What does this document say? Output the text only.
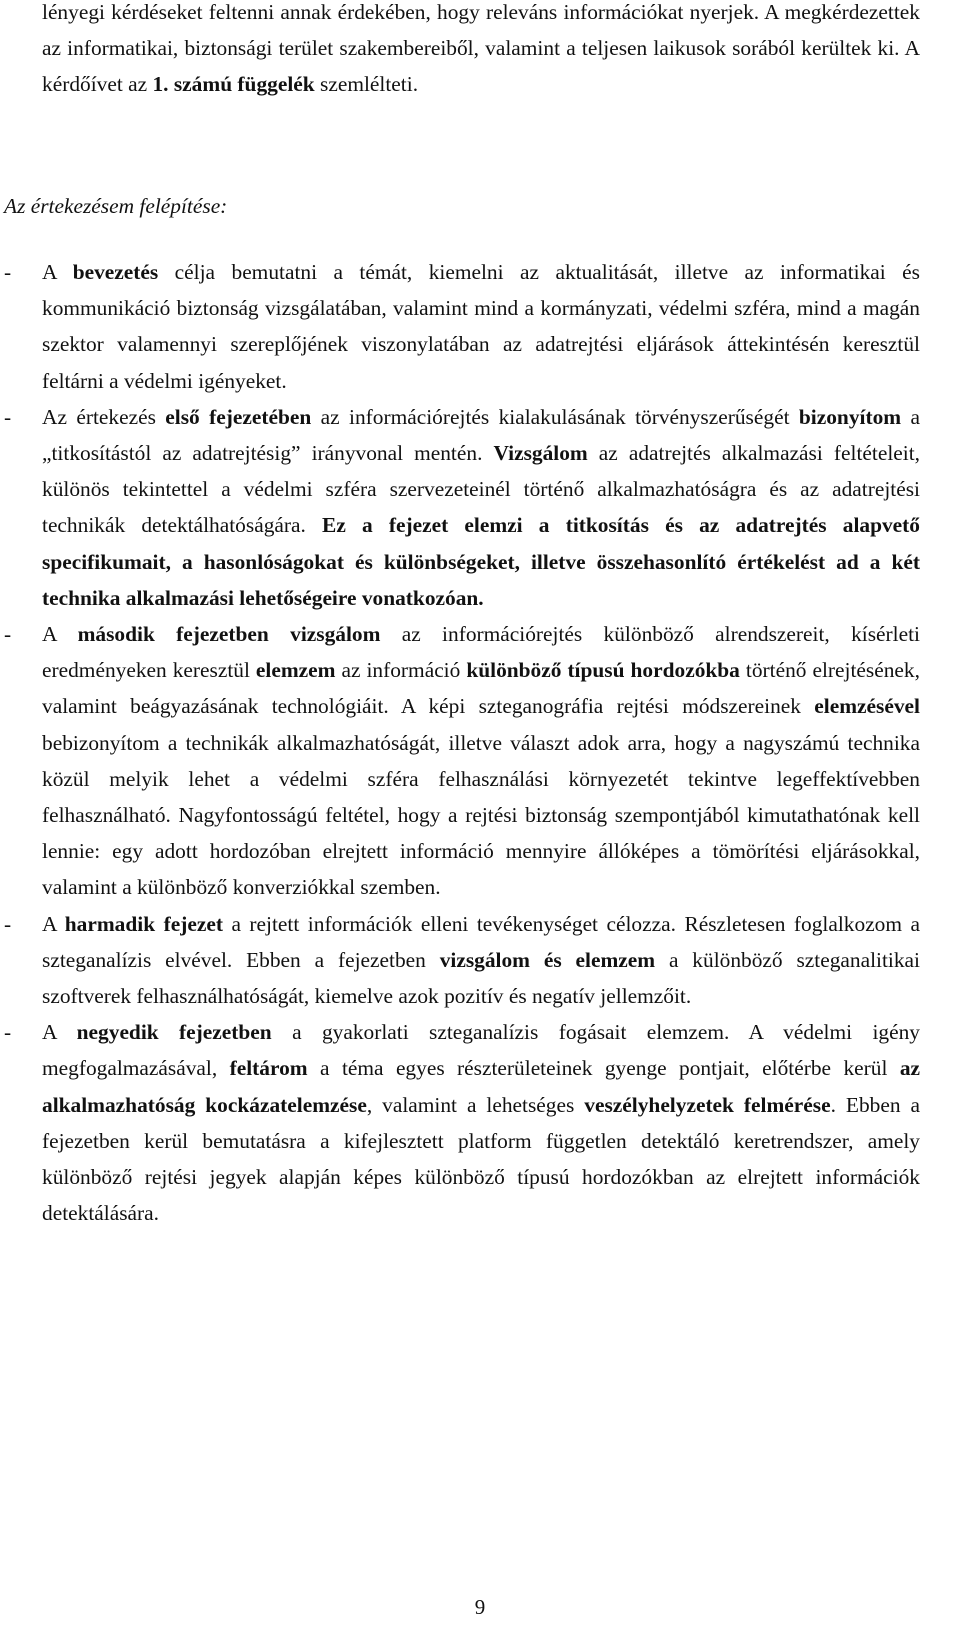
lényegi kérdéseket feltenni annak érdekében, hogy releváns információkat nyerjek. A megkérdezettek az informatikai, biztonsági terület szakembereiből, valamint a teljesen laikusok sorából kerültek ki. A kérdőívet az 1. számú függelék szemlélteti.

Az értekezésem felépítése:
- A bevezetés célja bemutatni a témát, kiemelni az aktualitását, illetve az informatikai és kommunikáció biztonság vizsgálatában, valamint mind a kormányzati, védelmi szféra, mind a magán szektor valamennyi szereplőjének viszonylatában az adatrejtési eljárások áttekintésén keresztül feltárni a védelmi igényeket.

- Az értekezés első fejezetében az információrejtés kialakulásának törvényszerűségét bizonyítom a „titkosítástól az adatrejtésig” irányvonal mentén. Vizsgálom az adatrejtés alkalmazási feltételeit, különös tekintettel a védelmi szféra szervezeteinél történő alkalmazhatóságra és az adatrejtési technikák detektálhatóságára. Ez a fejezet elemzi a titkosítás és az adatrejtés alapvető specifikumait, a hasonlóságokat és különbségeket, illetve összehasonlító értékelést ad a két technika alkalmazási lehetőségeire vonatkozóan.

- A második fejezetben vizsgálom az információrejtés különböző alrendszereit, kísérleti eredményeken keresztül elemzem az információ különböző típusú hordozókba történő elrejtésének, valamint beágyazásának technológiáit. A képi szteganográfia rejtési módszereinek elemzésével bebizonyítom a technikák alkalmazhatóságát, illetve választ adok arra, hogy a nagyszámú technika közül melyik lehet a védelmi szféra felhasználási környezetét tekintve legeffektívebben felhasználható. Nagyfontosságú feltétel, hogy a rejtési biztonság szempontjából kimutathatónak kell lennie: egy adott hordozóban elrejtett információ mennyire állóképes a tömörítési eljárásokkal, valamint a különböző konverziókkal szemben.

- A harmadik fejezet a rejtett információk elleni tevékenységet célozza. Részletesen foglalkozom a szteganalízis elvével. Ebben a fejezetben vizsgálom és elemzem a különböző szteganalitikai szoftverek felhasználhatóságát, kiemelve azok pozitív és negatív jellemzőit.

- A negyedik fejezetben a gyakorlati szteganalízis fogásait elemzem. A védelmi igény megfogalmazásával, feltárom a téma egyes részterületeinek gyenge pontjait, előtérbe kerül az alkalmazhatóság kockázatelemzése, valamint a lehetséges veszélyhelyzetek felmérése. Ebben a fejezetben kerül bemutatásra a kifejlesztett platform független detektáló keretrendszer, amely különböző rejtési jegyek alapján képes különböző típusú hordozókban az elrejtett információk detektálására.

9
